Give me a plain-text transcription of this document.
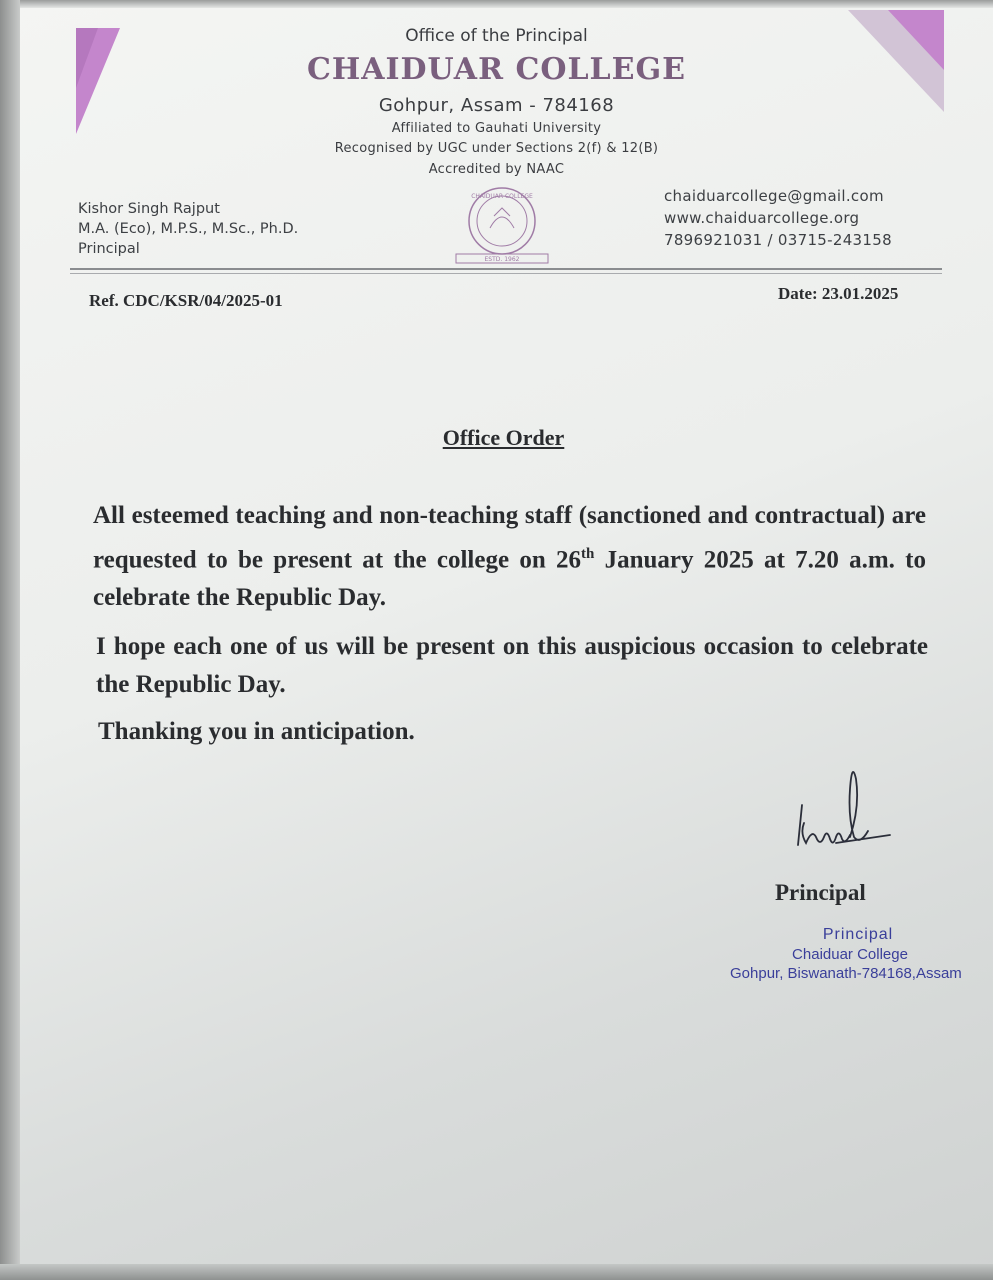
Office of the Principal
CHAIDUAR COLLEGE
Gohpur, Assam - 784168
Affiliated to Gauhati University
Recognised by UGC under Sections 2(f) & 12(B)
Accredited by NAAC
Kishor Singh Rajput
M.A. (Eco), M.P.S., M.Sc., Ph.D.
Principal
CHAIDUAR COLLEGE
ESTD. 1962
chaiduarcollege@gmail.com
www.chaiduarcollege.org
7896921031 / 03715-243158
Ref. CDC/KSR/04/2025-01	Date: 23.01.2025
Office Order
All esteemed teaching and non-teaching staff (sanctioned and contractual) are requested to be present at the college on 26th January 2025 at 7.20 a.m. to celebrate the Republic Day.
I hope each one of us will be present on this auspicious occasion to celebrate the Republic Day.
Thanking you in anticipation.
Principal
Principal
Chaiduar College
Gohpur, Biswanath-784168,Assam
